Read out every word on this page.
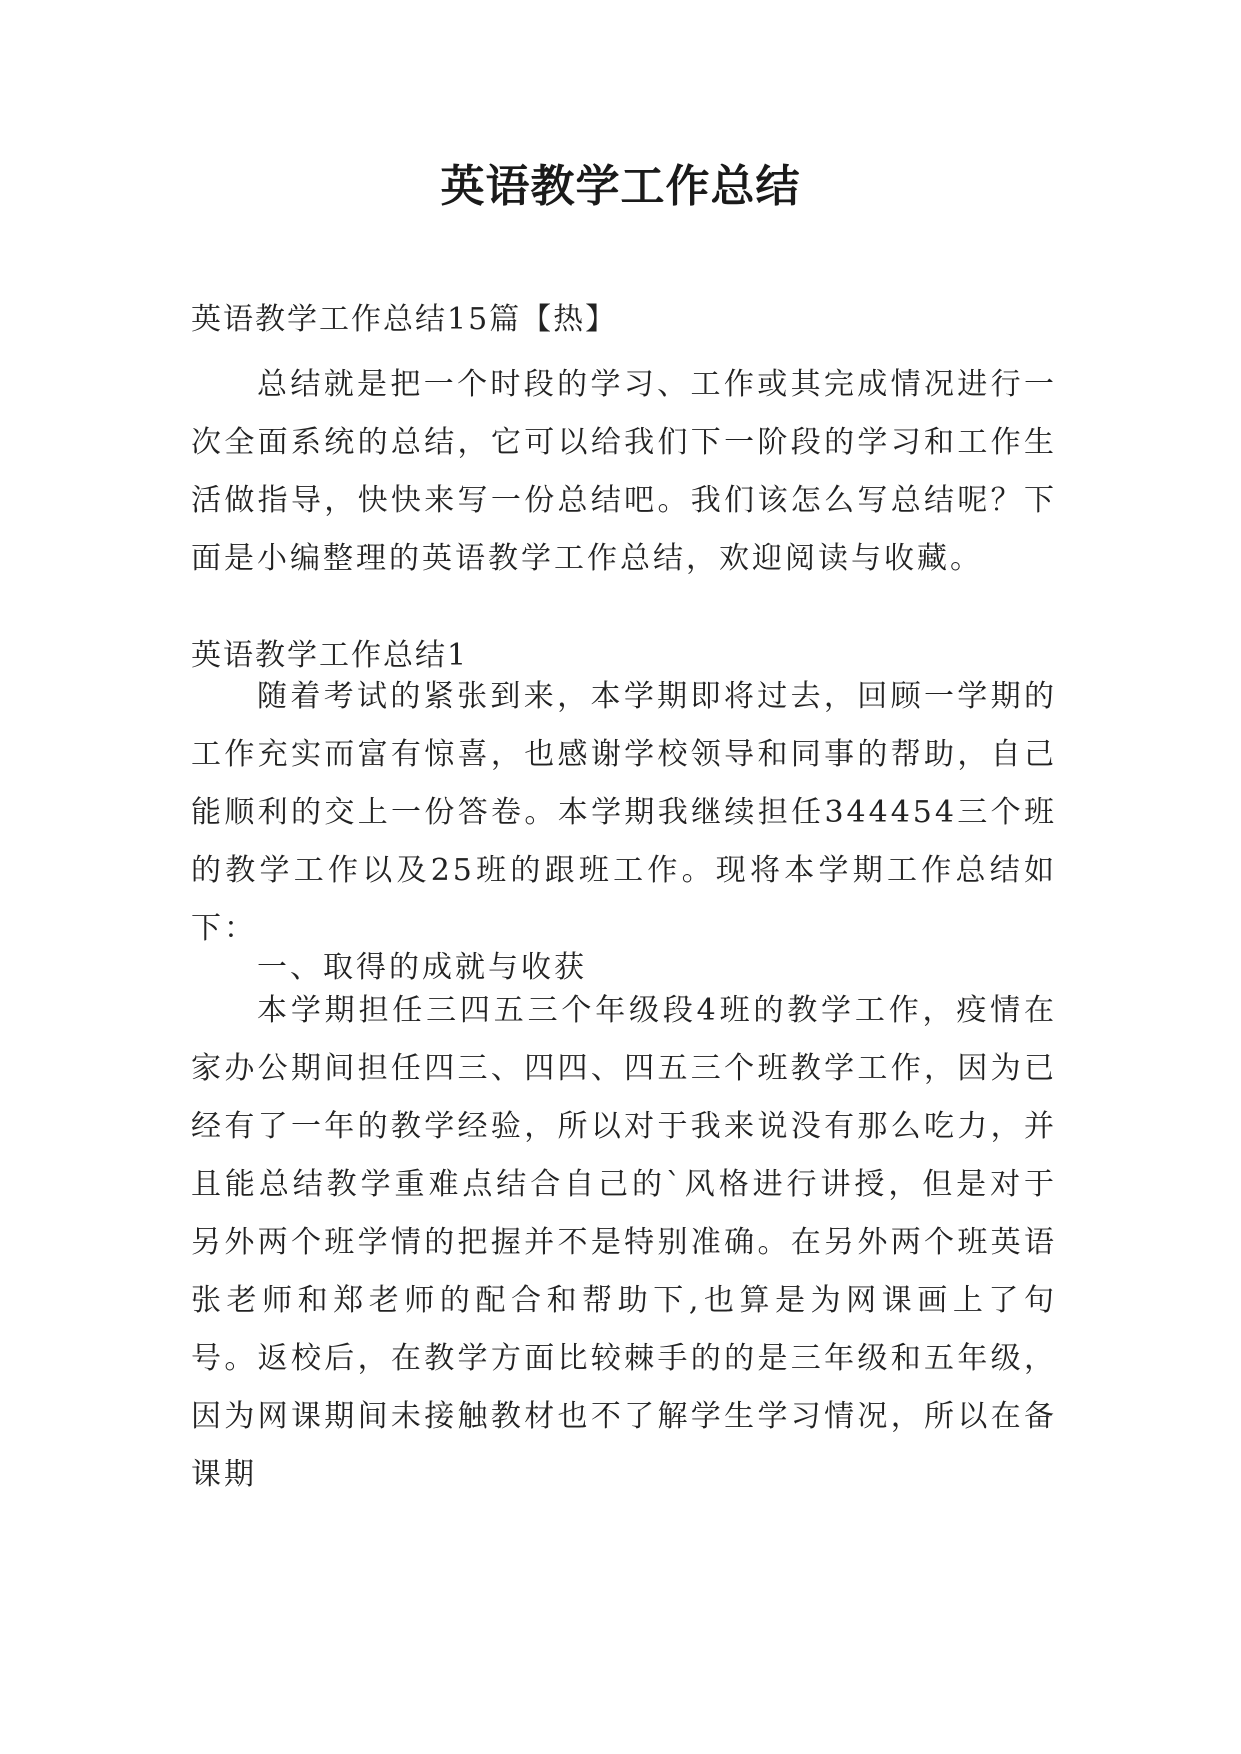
英语教学工作总结
英语教学工作总结15篇【热】

总结就是把一个时段的学习、工作或其完成情况进行一次全面系统的总结，它可以给我们下一阶段的学习和工作生活做指导，快快来写一份总结吧。我们该怎么写总结呢？下面是小编整理的英语教学工作总结，欢迎阅读与收藏。

英语教学工作总结1

随着考试的紧张到来，本学期即将过去，回顾一学期的工作充实而富有惊喜，也感谢学校领导和同事的帮助，自己能顺利的交上一份答卷。本学期我继续担任344454三个班的教学工作以及25班的跟班工作。现将本学期工作总结如下：

一、取得的成就与收获

本学期担任三四五三个年级段4班的教学工作，疫情在家办公期间担任四三、四四、四五三个班教学工作，因为已经有了一年的教学经验，所以对于我来说没有那么吃力，并且能总结教学重难点结合自己的`风格进行讲授，但是对于另外两个班学情的把握并不是特别准确。在另外两个班英语张老师和郑老师的配合和帮助下,也算是为网课画上了句号。返校后，在教学方面比较棘手的的是三年级和五年级，因为网课期间未接触教材也不了解学生学习情况，所以在备课期
